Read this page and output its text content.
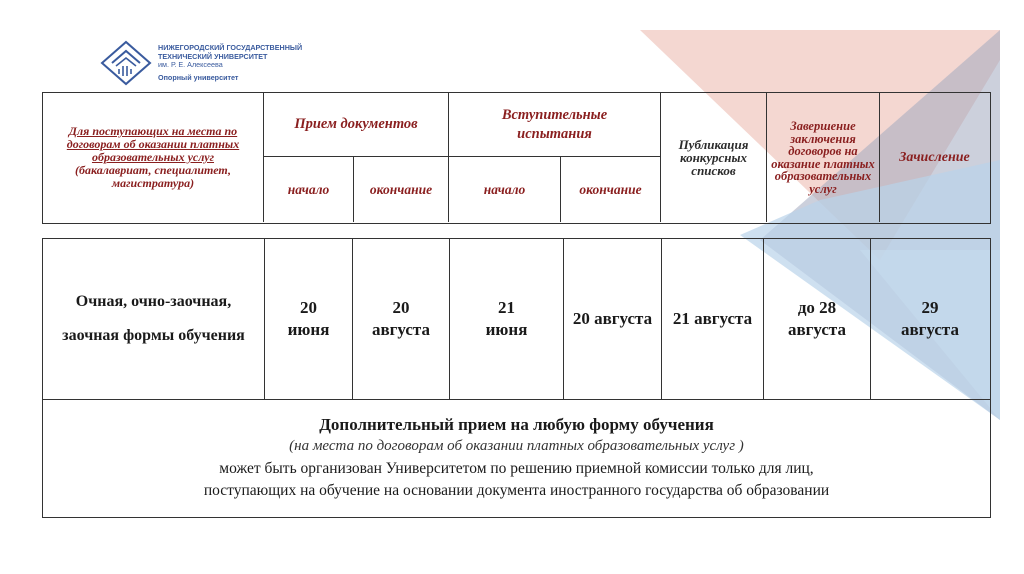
НИЖЕГОРОДСКИЙ ГОСУДАРСТВЕННЫЙ
ТЕХНИЧЕСКИЙ УНИВЕРСИТЕТ
им. Р. Е. Алексеева
Опорный университет
Для поступающих на места по договорам об оказании платных образовательных услуг
(бакалавриат, специалитет, магистратура)
Прием документов
начало	окончание
Вступительные испытания
начало	окончание
Публикация конкурсных списков
Завершение заключения договоров на оказание платных образовательных услуг
Зачисление
Очная, очно-заочная, заочная формы обучения
20 июня
20 августа
21 июня
20 августа 21 августа
до 28 августа
29 августа
Дополнительный прием на любую форму обучения
(на места по договорам об оказании платных образовательных услуг )
может быть организован Университетом по решению приемной комиссии только для лиц,
поступающих на обучение на основании документа иностранного государства об образовании
